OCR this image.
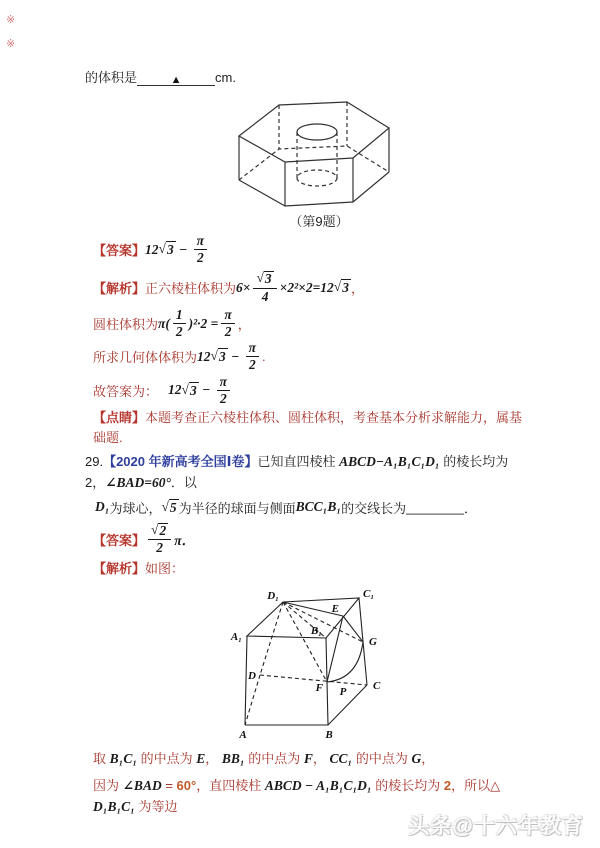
※
※
的体积是	▲	cm.
（第9题）
【答案】 12 √ $3 - \frac{\pi}{2}$
【解析】 正六棱柱体积为 $6\times \frac{√ 3}{4} \times 2^2\times 2=12$ √ 3 ，
圆柱体积为 $\pi( \frac{1}{2} )^2\cdot 2 = \frac{\pi}{2}$ ，
所求几何体体积为 12 √ $3 - \frac{\pi}{2}$ .
故答案为： 12 √ $3 - \frac{\pi}{2}$
【点睛】本题考查正六棱柱体积、圆柱体积，考查基本分析求解能力，属基础题.
29.【2020 年新高考全国Ⅰ卷】已知直四棱柱 ABCD−A₁B₁C₁D₁ 的棱长均为 2，∠BAD=60°．以
D₁ 为球心， √ 5 为半径的球面与侧面 BCC₁B₁ 的交线长为 ________ ．
【答案】 $\frac{√ 2}{2}$ π．
【解析】如图：
D₁	C₁
E
A₁	B₁
G
D
F P C
A	B
取 B₁C₁ 的中点为 E， BB₁ 的中点为 F， CC₁ 的中点为 G，
因为 ∠BAD = 60°，直四棱柱 ABCD − A₁B₁C₁D₁ 的棱长均为 2，所以△ D₁B₁C₁ 为等边
头条@十六年教育
